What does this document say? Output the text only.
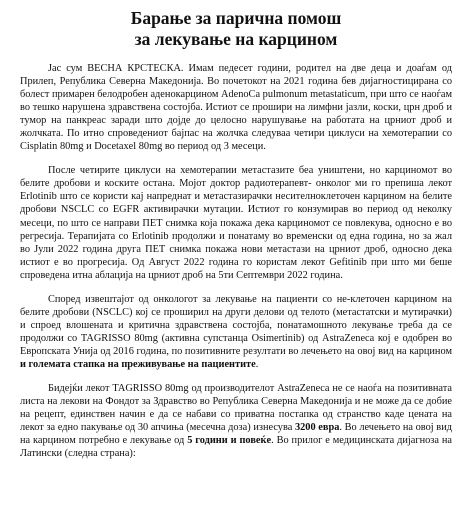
Барање за парична помош
за лекување на карцином

Јас сум ВЕСНА КРСТЕСКА. Имам педесет години, родител на две деца и доаѓам од Прилеп, Република Северна Македонија. Во почетокот на 2021 година бев дијагностицирана со болест примарен белодробен аденокарцином AdenoCa pulmonum metastaticum, при што се наоѓам во тешко нарушена здравствена состојба. Истиот се прошири на лимфни јазли, коски, црн дроб и тумор на панкреас заради што дојде до целосно нарушување на работата на црниот дроб и жолчката. По итно спроведениот бајпас на жолчка следуваа четири циклуси на хемотерапии со Cisplatin 80mg и Docetaxel 80mg во период од 3 месеци.

После четирите циклуси на хемотерапии метастазите беа уништени, но карциномот во белите дробови и коските остана. Мојот доктор радиотерапевт- онколог ми го препиша лекот Erlotinib што се користи кај напреднат и метастазирачки несителноклеточен карцином на белите дробови NSCLC со EGFR активирачки мутации. Истиот го конзумирав во период од неколку месеци, по што се направи ПЕТ снимка која покажа дека карциномот се повлекува, односно е во регресија. Терапијата со Erlotinib продолжи и понатаму во временски од една година, но за жал во Јули 2022 година друга ПЕТ снимка покажа нови метастази на црниот дроб, односно дека истиот е во прогресија. Од Август 2022 година го користам лекот Gefitinib при што ми беше спроведена итна аблација на црниот дроб на 5ти Септември 2022 година.

Според извештајот од онкологот за лекување на пациенти со не-клеточен карцином на белите дробови (NSCLC) кој се проширил на други делови од телото (метастатски и мутирачки) и спроед влошената и критична здравствена состојба, понатамошното лекување треба да се продолжи со TAGRISSO 80mg (активна супстанца Osimertinib) од AstraZeneca кој е одобрен во Европската Унија од 2016 година, по позитивните резултати во лечењето на овој вид на карцином и големата стапка на преживување на пациентите.

Бидејќи лекот TAGRISSO 80mg од производителот AstraZeneca не се наоѓа на позитивната листа на лекови на Фондот за Здравство во Република Северна Македонија и не може да се добие на рецепт, единствен начин е да се набави со приватна постапка од странство каде цената на лекот за едно пакување од 30 апчиња (месечна доза) изнесува 3200 евра. Во лечењето на овој вид на карцином потребно е лекување од 5 години и повеќе. Во прилог е медицинската дијагноза на Латински (следна страна):
